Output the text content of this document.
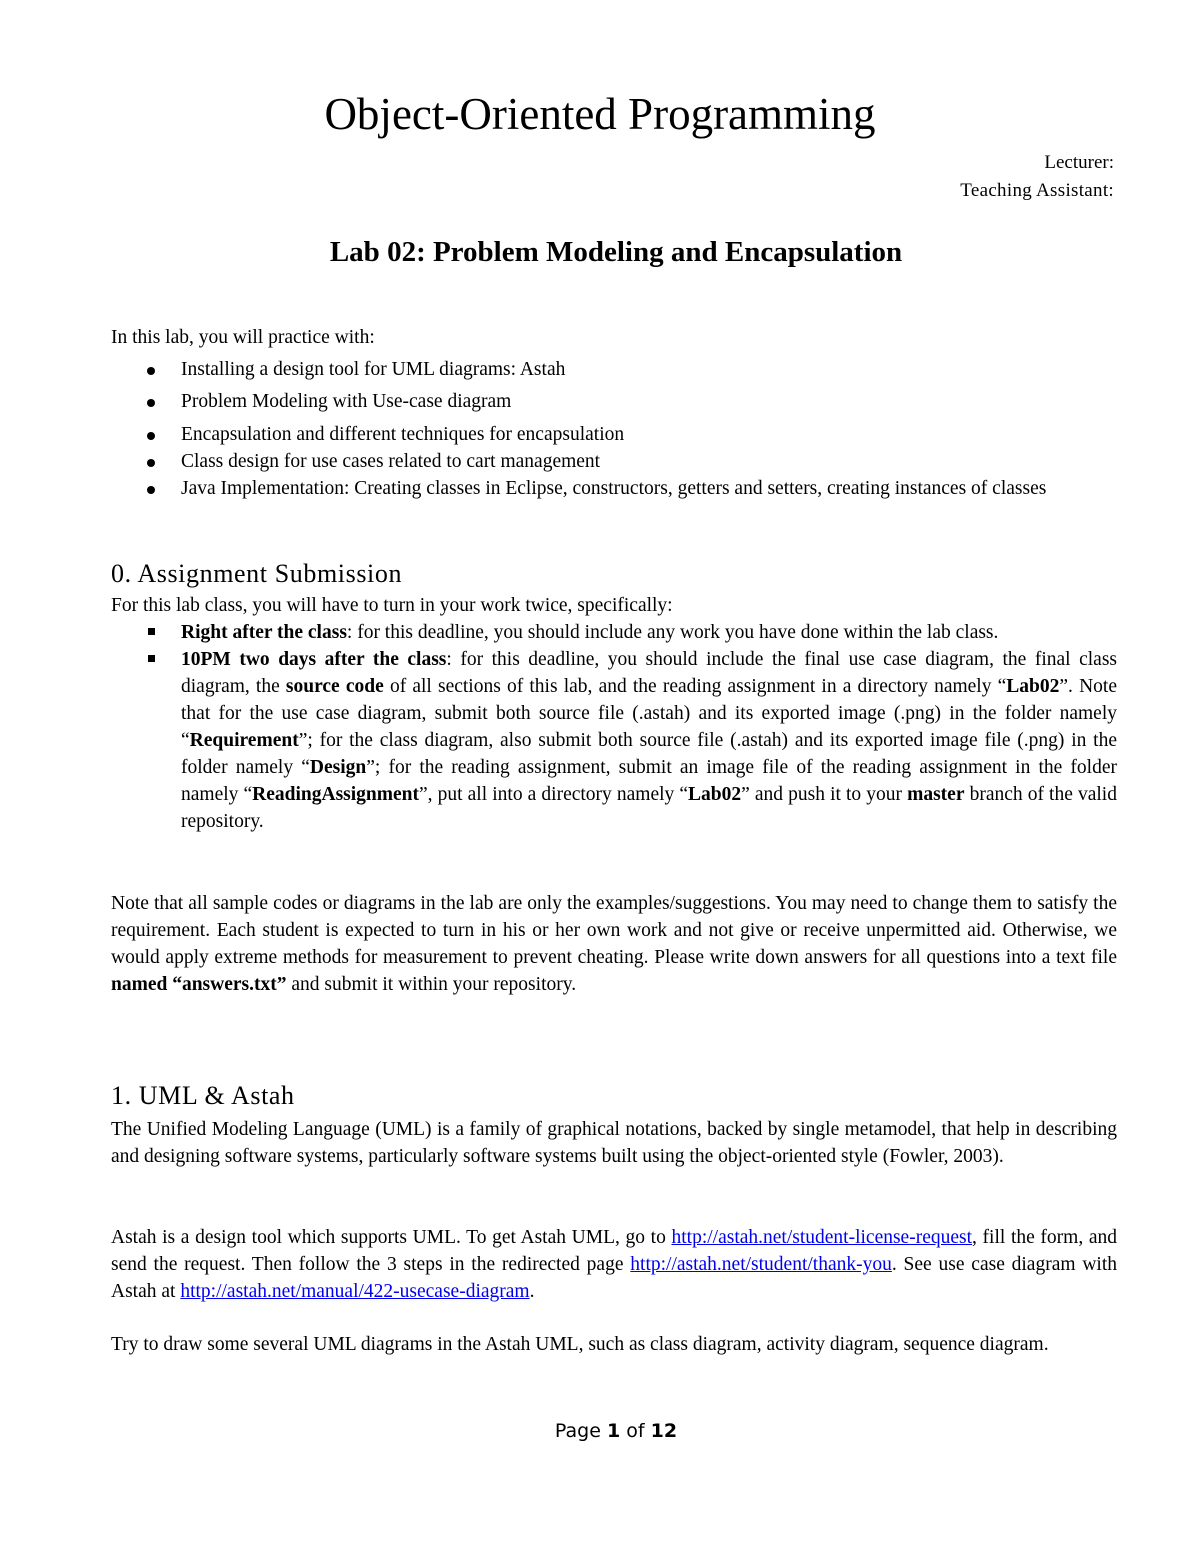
Object-Oriented Programming
Lecturer:
Teaching Assistant:
Lab 02: Problem Modeling and Encapsulation
In this lab, you will practice with:
Installing a design tool for UML diagrams: Astah
Problem Modeling with Use-case diagram
Encapsulation and different techniques for encapsulation
Class design for use cases related to cart management
Java Implementation: Creating classes in Eclipse, constructors, getters and setters, creating instances of classes
0. Assignment Submission
For this lab class, you will have to turn in your work twice, specifically:
Right after the class: for this deadline, you should include any work you have done within the lab class.
10PM two days after the class: for this deadline, you should include the final use case diagram, the final class diagram, the source code of all sections of this lab, and the reading assignment in a directory namely “Lab02”. Note that for the use case diagram, submit both source file (.astah) and its exported image (.png) in the folder namely “Requirement”; for the class diagram, also submit both source file (.astah) and its exported image file (.png) in the folder namely “Design”; for the reading assignment, submit an image file of the reading assignment in the folder namely “ReadingAssignment”, put all into a directory namely “Lab02” and push it to your master branch of the valid repository.
Note that all sample codes or diagrams in the lab are only the examples/suggestions. You may need to change them to satisfy the requirement. Each student is expected to turn in his or her own work and not give or receive unpermitted aid. Otherwise, we would apply extreme methods for measurement to prevent cheating. Please write down answers for all questions into a text file named “answers.txt” and submit it within your repository.
1. UML & Astah
The Unified Modeling Language (UML) is a family of graphical notations, backed by single metamodel, that help in describing and designing software systems, particularly software systems built using the object-oriented style (Fowler, 2003).
Astah is a design tool which supports UML. To get Astah UML, go to http://astah.net/student-license-request, fill the form, and send the request. Then follow the 3 steps in the redirected page http://astah.net/student/thank-you. See use case diagram with Astah at http://astah.net/manual/422-usecase-diagram.
Try to draw some several UML diagrams in the Astah UML, such as class diagram, activity diagram, sequence diagram.
Page 1 of 12
